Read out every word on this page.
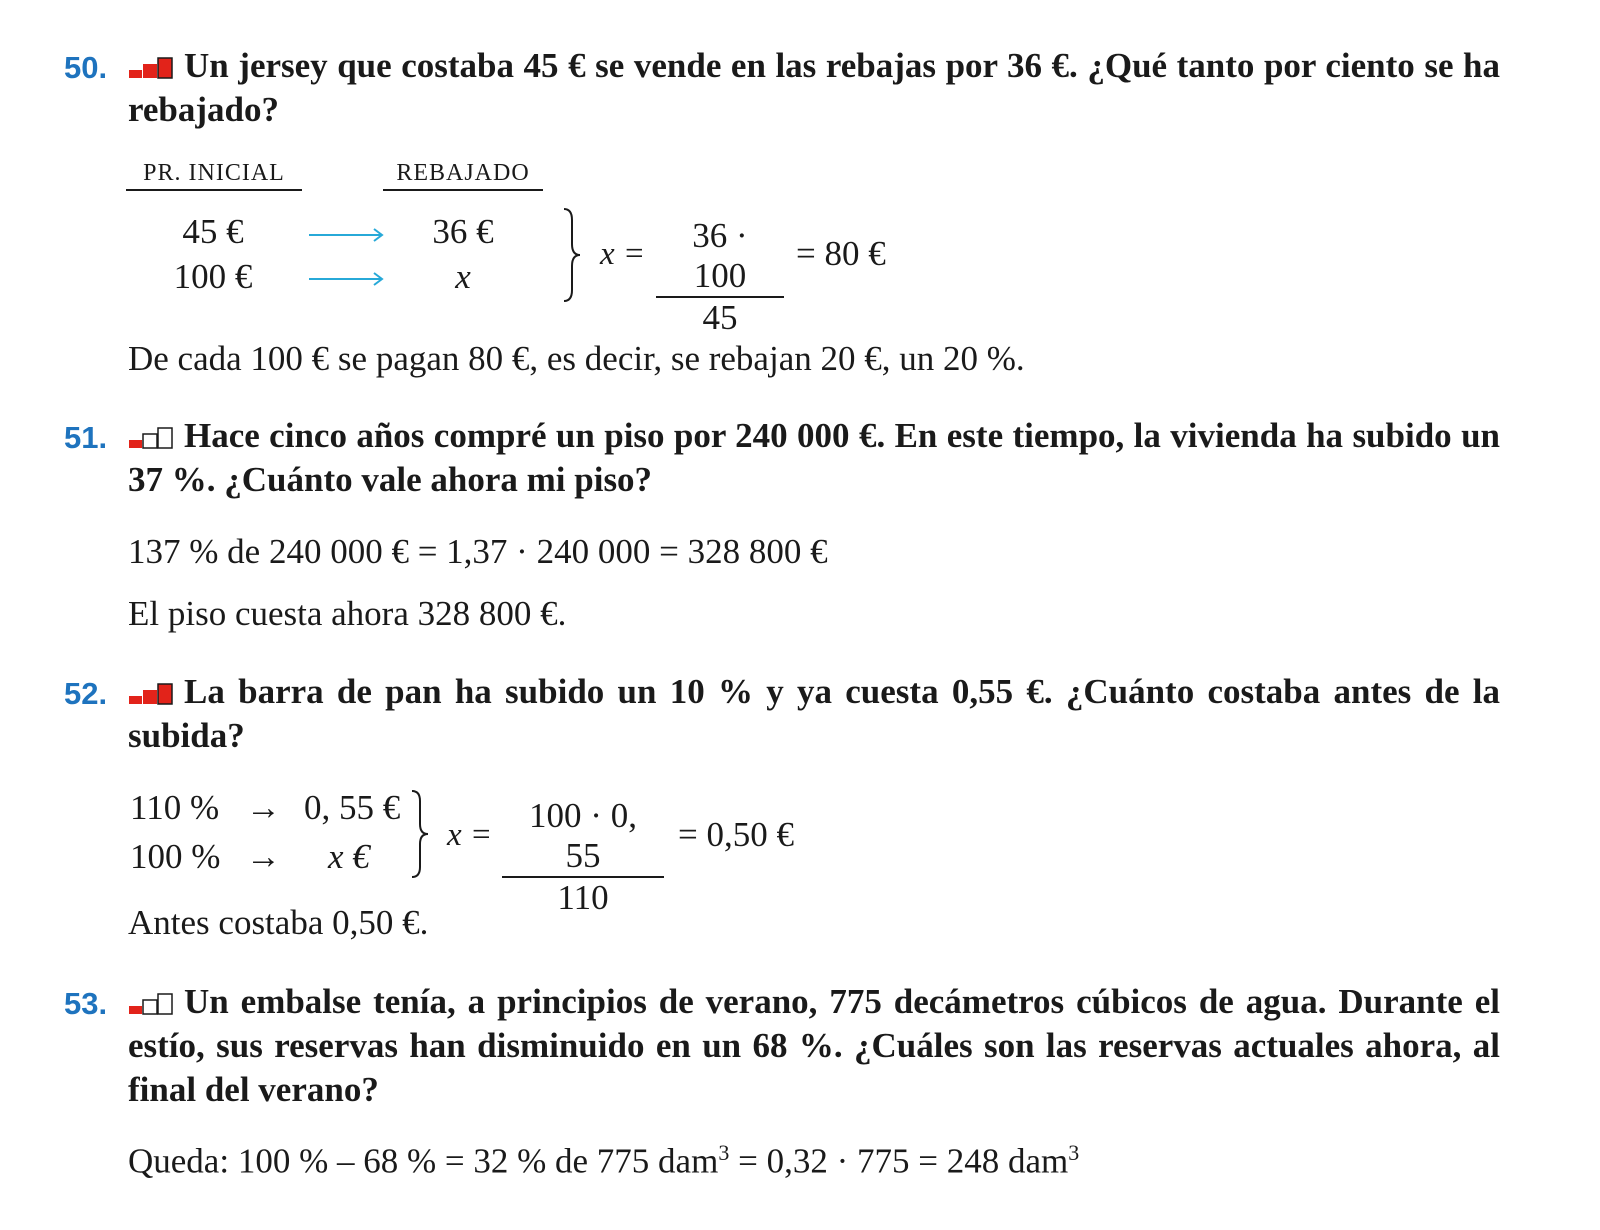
50.	Un jersey que costaba 45 € se vende en las rebajas por 36 €. ¿Qué tanto por ciento se ha rebajado?
PR. INICIAL	REBAJADO
45 €	36 €
100 €	x
x =	36 · 100
45
= 80 €
De cada 100 € se pagan 80 €, es decir, se rebajan 20 €, un 20 %.
51.	Hace cinco años compré un piso por 240 000 €. En este tiempo, la vivienda ha subido un 37 %. ¿Cuánto vale ahora mi piso?
137 % de 240 000 € = 1,37 · 240 000 = 328 800 €
El piso cuesta ahora 328 800 €.
52.	La barra de pan ha subido un 10 % y ya cuesta 0,55 €. ¿Cuánto costaba antes de la subida?
110 % → 0, 55 €
100 % → x €
x =	100 · 0, 55
110
= 0,50 €
Antes costaba 0,50 €.
53.	Un embalse tenía, a principios de verano, 775 decámetros cúbicos de agua. Durante el estío, sus reservas han disminuido en un 68 %. ¿Cuáles son las reservas actuales ahora, al final del verano?
Queda: 100 % – 68 % = 32 % de 775 dam$^3$ = 0,32 · 775 = 248 dam$^3$
